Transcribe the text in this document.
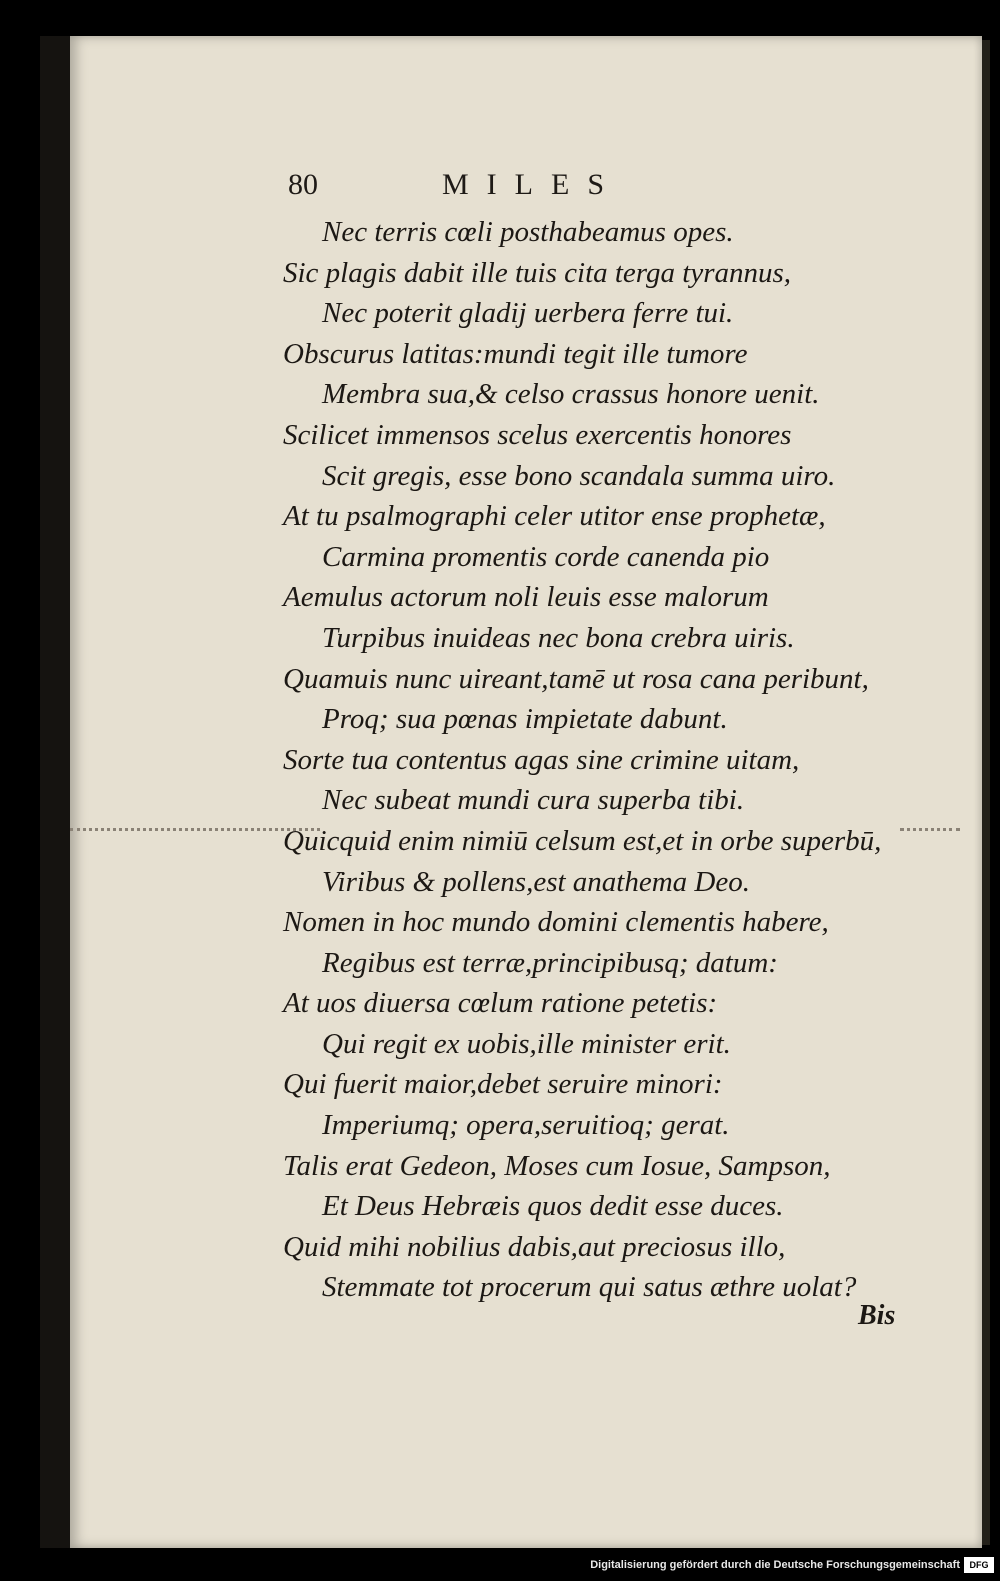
80	MILES
Nec terris cœli posthabeamus opes.
Sic plagis dabit ille tuis cita terga tyrannus,
Nec poterit gladij uerbera ferre tui.
Obscurus latitas:mundi tegit ille tumore
Membra sua,& celso crassus honore uenit.
Scilicet immensos scelus exercentis honores
Scit gregis, esse bono scandala summa uiro.
At tu psalmographi celer utitor ense prophetæ,
Carmina promentis corde canenda pio
Aemulus actorum noli leuis esse malorum
Turpibus inuideas nec bona crebra uiris.
Quamuis nunc uireant,tamē ut rosa cana peribunt,
Proq; sua pœnas impietate dabunt.
Sorte tua contentus agas sine crimine uitam,
Nec subeat mundi cura superba tibi.
Quicquid enim nimiū celsum est,et in orbe superbū,
Viribus & pollens,est anathema Deo.
Nomen in hoc mundo domini clementis habere,
Regibus est terræ,principibusq; datum:
At uos diuersa cœlum ratione petetis:
Qui regit ex uobis,ille minister erit.
Qui fuerit maior,debet seruire minori:
Imperiumq; opera,seruitioq; gerat.
Talis erat Gedeon, Moses cum Iosue, Sampson,
Et Deus Hebræis quos dedit esse duces.
Quid mihi nobilius dabis,aut preciosus illo,
Stemmate tot procerum qui satus æthre uolat?
Bis
Digitalisierung gefördert durch die Deutsche Forschungsgemeinschaft	DFG
